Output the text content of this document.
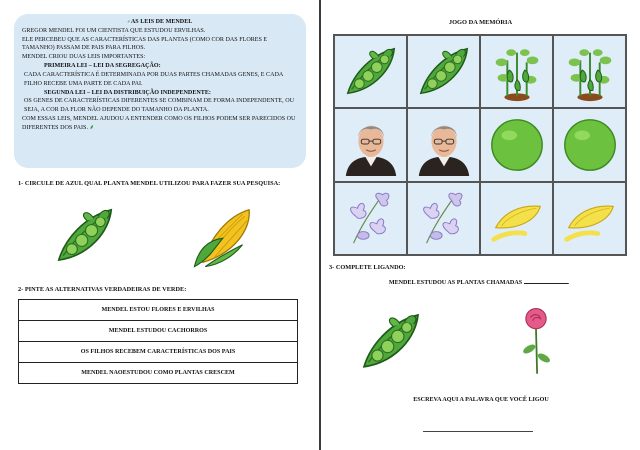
⸗ AS LEIS DE MENDEL

GREGOR MENDEL FOI UM CIENTISTA QUE ESTUDOU ERVILHAS.

ELE PERCEBEU QUE AS CARACTERÍSTICAS DAS PLANTAS (COMO COR DAS FLORES E TAMANHO) PASSAM DE PAIS PARA FILHOS.

MENDEL CRIOU DUAS LEIS IMPORTANTES:

PRIMEIRA LEI – LEI DA SEGREGAÇÃO:

CADA CARACTERÍSTICA É DETERMINADA POR DUAS PARTES CHAMADAS GENES, E CADA FILHO RECEBE UMA PARTE DE CADA PAI.

SEGUNDA LEI – LEI DA DISTRIBUIÇÃO INDEPENDENTE:

OS GENES DE CARACTERÍSTICAS DIFERENTES SE COMBINAM DE FORMA INDEPENDENTE, OU SEJA, A COR DA FLOR NÃO DEPENDE DO TAMANHO DA PLANTA.

COM ESSAS LEIS, MENDEL AJUDOU A ENTENDER COMO OS FILHOS PODEM SER PARECIDOS OU DIFERENTES DOS PAIS. ⸙

1- CIRCULE DE AZUL QUAL PLANTA MENDEL UTILIZOU PARA FAZER SUA PESQUISA:
2- PINTE AS ALTERNATIVAS VERDADEIRAS DE VERDE:
MENDEL ESTOU FLORES E ERVILHAS
MENDEL ESTUDOU CACHORROS
OS FILHOS RECEBEM CARACTERÍSTICAS DOS PAIS
MENDEL NAOESTUDOU COMO PLANTAS CRESCEM
JOGO DA MEMÓRIA
3- COMPLETE LIGANDO:
MENDEL ESTUDOU AS PLANTAS CHAMADAS	.
ESCREVA AQUI A PALAVRA QUE VOCÊ LIGOU
